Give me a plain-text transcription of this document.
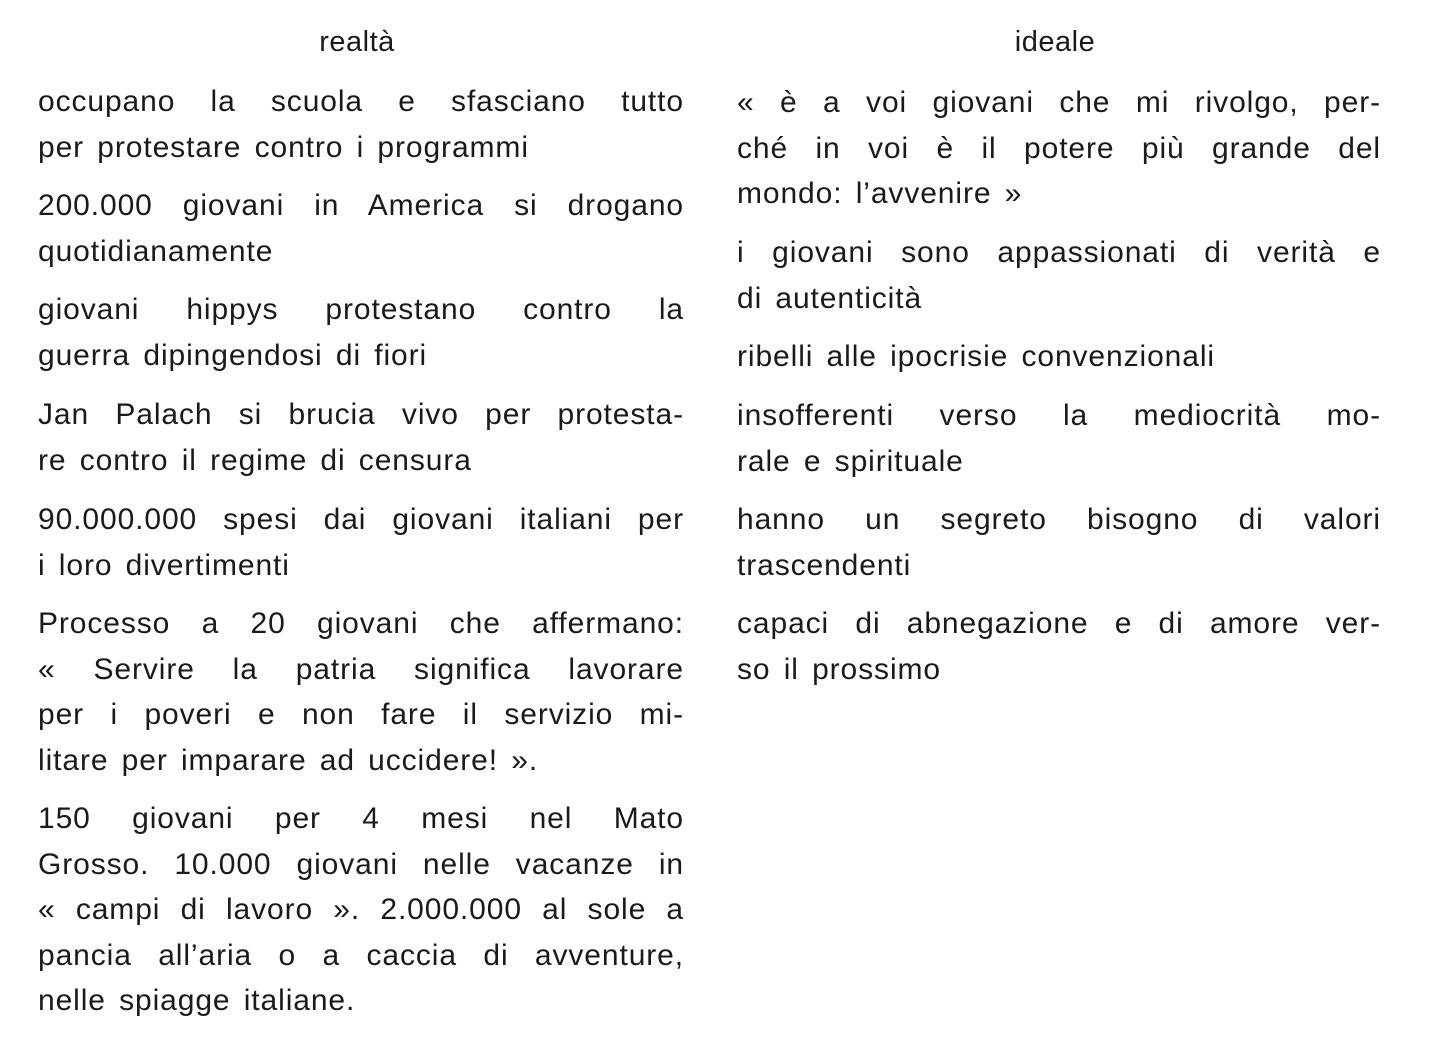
realtà

occupano la scuola e sfasciano tutto
per protestare contro i programmi

200.000 giovani in America si drogano
quotidianamente

giovani hippys protestano contro la
guerra dipingendosi di fiori

Jan Palach si brucia vivo per protesta-
re contro il regime di censura

90.000.000 spesi dai giovani italiani per
i loro divertimenti

Processo a 20 giovani che affermano:
« Servire la patria significa lavorare
per i poveri e non fare il servizio mi-
litare per imparare ad uccidere! ».

150 giovani per 4 mesi nel Mato
Grosso. 10.000 giovani nelle vacanze in
« campi di lavoro ». 2.000.000 al sole a
pancia all’aria o a caccia di avventure,
nelle spiagge italiane.

ideale

« è a voi giovani che mi rivolgo, per-
ché in voi è il potere più grande del
mondo: l’avvenire »

i giovani sono appassionati di verità e
di autenticità

ribelli alle ipocrisie convenzionali

insofferenti verso la mediocrità mo-
rale e spirituale

hanno un segreto bisogno di valori
trascendenti

capaci di abnegazione e di amore ver-
so il prossimo
